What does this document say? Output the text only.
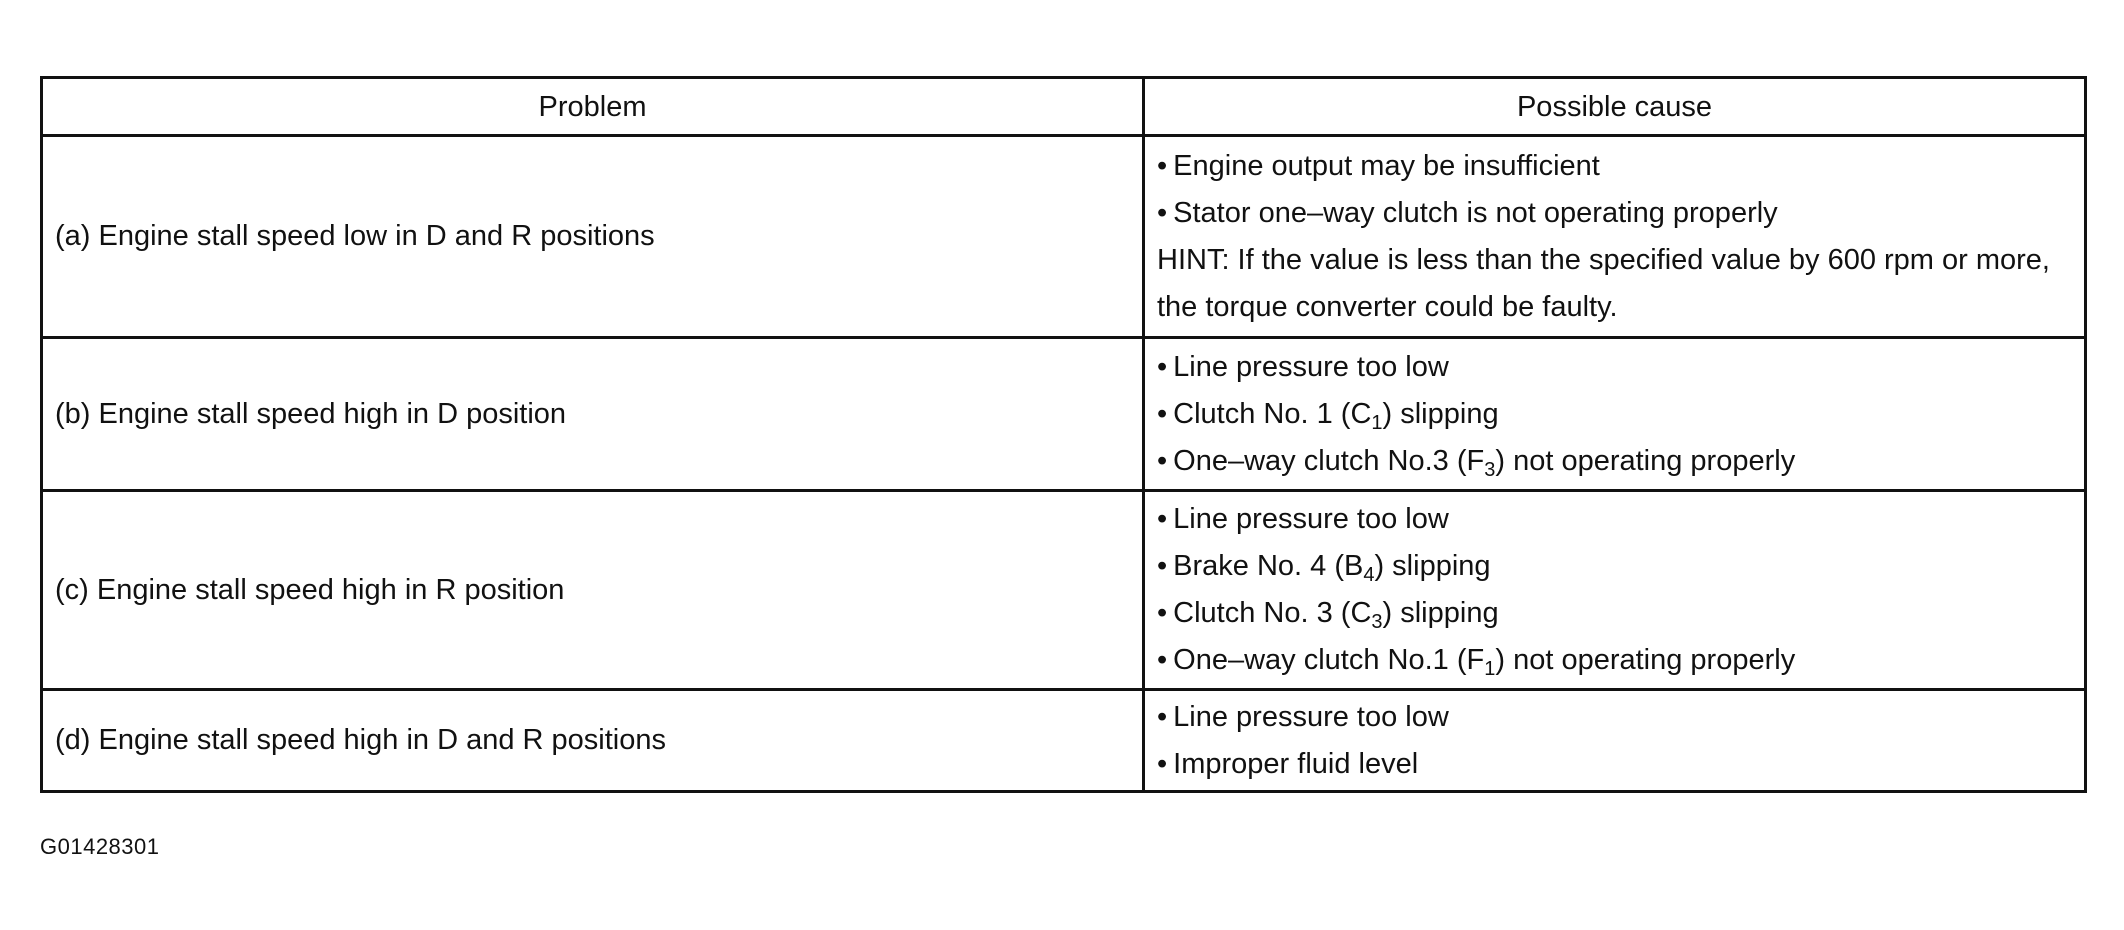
Problem	Possible cause
(a) Engine stall speed low in D and R positions	• Engine output may be insufficient
• Stator one–way clutch is not operating properly
HINT: If the value is less than the specified value by 600 rpm or more, the torque converter could be faulty.

(b) Engine stall speed high in D position	• Line pressure too low
• Clutch No. 1 $(C_1)$ slipping
• One–way clutch No.3 $(F_3)$ not operating properly

(c) Engine stall speed high in R position	• Line pressure too low
• Brake No. 4 $(B_4)$ slipping
• Clutch No. 3 $(C_3)$ slipping
• One–way clutch No.1 $(F_1)$ not operating properly

(d) Engine stall speed high in D and R positions	• Line pressure too low
• Improper fluid level
G01428301
